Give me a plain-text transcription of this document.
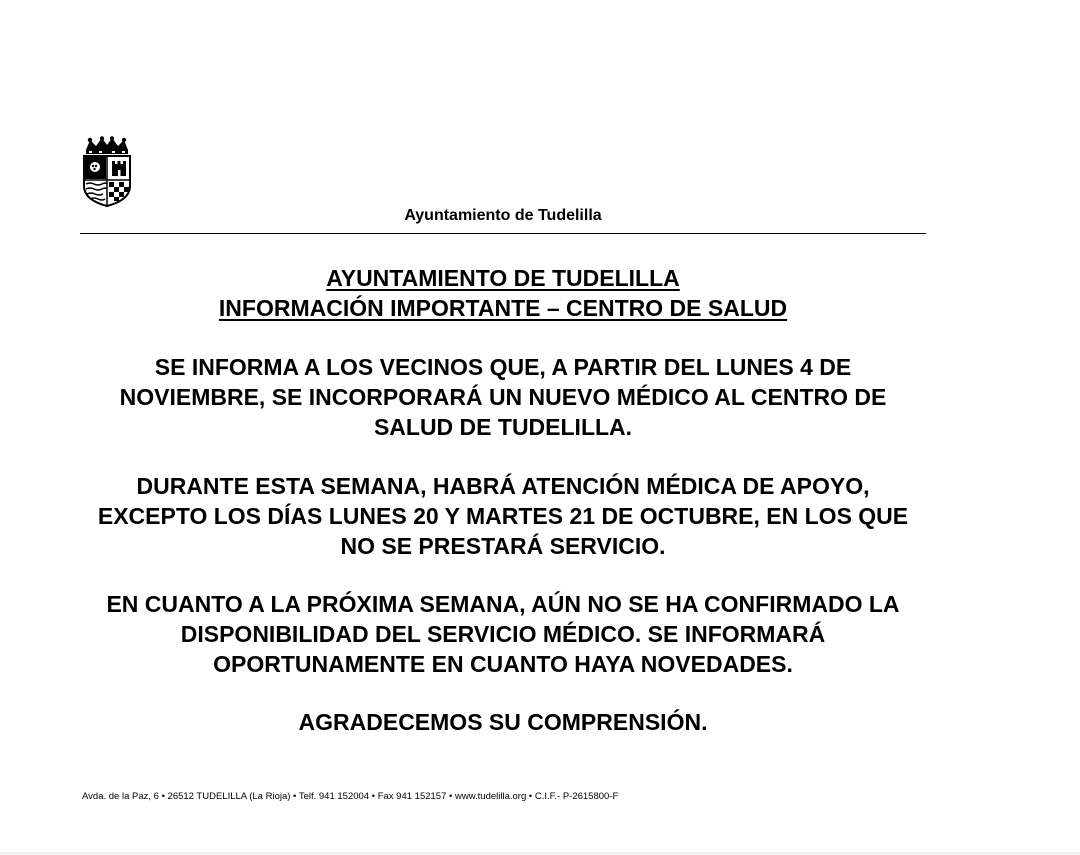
Ayuntamiento de Tudelilla
AYUNTAMIENTO DE TUDELILLA
INFORMACIÓN IMPORTANTE – CENTRO DE SALUD

SE INFORMA A LOS VECINOS QUE, A PARTIR DEL LUNES 4 DE NOVIEMBRE, SE INCORPORARÁ UN NUEVO MÉDICO AL CENTRO DE SALUD DE TUDELILLA.

DURANTE ESTA SEMANA, HABRÁ ATENCIÓN MÉDICA DE APOYO, EXCEPTO LOS DÍAS LUNES 20 Y MARTES 21 DE OCTUBRE, EN LOS QUE NO SE PRESTARÁ SERVICIO.

EN CUANTO A LA PRÓXIMA SEMANA, AÚN NO SE HA CONFIRMADO LA DISPONIBILIDAD DEL SERVICIO MÉDICO. SE INFORMARÁ OPORTUNAMENTE EN CUANTO HAYA NOVEDADES.

AGRADECEMOS SU COMPRENSIÓN.

Avda. de la Paz, 6 • 26512 TUDELILLA (La Rioja) • Telf. 941 152004 • Fax 941 152157 • www.tudelilla.org • C.I.F.- P-2615800-F
